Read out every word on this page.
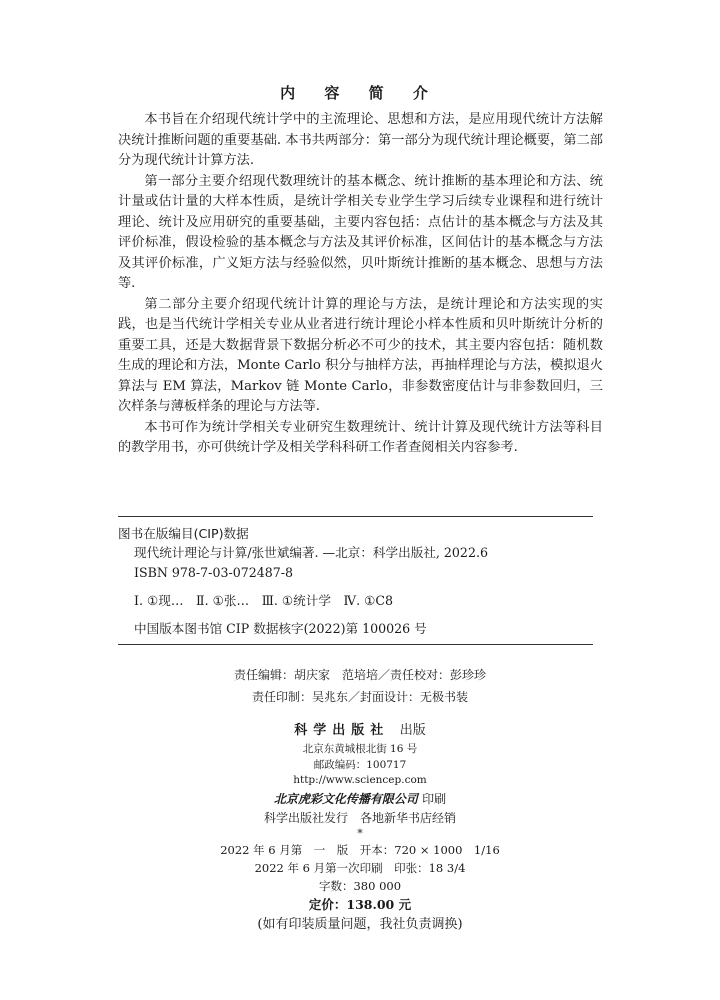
内 容 简 介

本书旨在介绍现代统计学中的主流理论、思想和方法，是应用现代统计方法解决统计推断问题的重要基础. 本书共两部分：第一部分为现代统计理论概要，第二部分为现代统计计算方法.

第一部分主要介绍现代数理统计的基本概念、统计推断的基本理论和方法、统计量或估计量的大样本性质，是统计学相关专业学生学习后续专业课程和进行统计理论、统计及应用研究的重要基础，主要内容包括：点估计的基本概念与方法及其评价标准，假设检验的基本概念与方法及其评价标准，区间估计的基本概念与方法及其评价标准，广义矩方法与经验似然，贝叶斯统计推断的基本概念、思想与方法等.

第二部分主要介绍现代统计计算的理论与方法，是统计理论和方法实现的实践，也是当代统计学相关专业从业者进行统计理论小样本性质和贝叶斯统计分析的重要工具，还是大数据背景下数据分析必不可少的技术，其主要内容包括：随机数生成的理论和方法，Monte Carlo 积分与抽样方法，再抽样理论与方法，模拟退火算法与 EM 算法，Markov 链 Monte Carlo，非参数密度估计与非参数回归，三次样条与薄板样条的理论与方法等.

本书可作为统计学相关专业研究生数理统计、统计计算及现代统计方法等科目的教学用书，亦可供统计学及相关学科科研工作者查阅相关内容参考.

图书在版编目(CIP)数据
现代统计理论与计算/张世斌编著. —北京：科学出版社, 2022.6
ISBN 978-7-03-072487-8
Ⅰ. ①现…　Ⅱ. ①张…　Ⅲ. ①统计学　Ⅳ. ①C8
中国版本图书馆 CIP 数据核字(2022)第 100026 号
责任编辑：胡庆家　范培培／责任校对：彭珍珍
责任印制：吴兆东／封面设计：无极书装
科学出版社 出版
北京东黄城根北街 16 号
邮政编码：100717
http://www.sciencep.com
北京虎彩文化传播有限公司 印刷
科学出版社发行　各地新华书店经销
*
2022 年 6 月第　一　版　开本：720 × 1000　1/16
2022 年 6 月第一次印刷　印张：18 3/4
字数：380 000
定价：138.00 元
(如有印装质量问题，我社负责调换)
